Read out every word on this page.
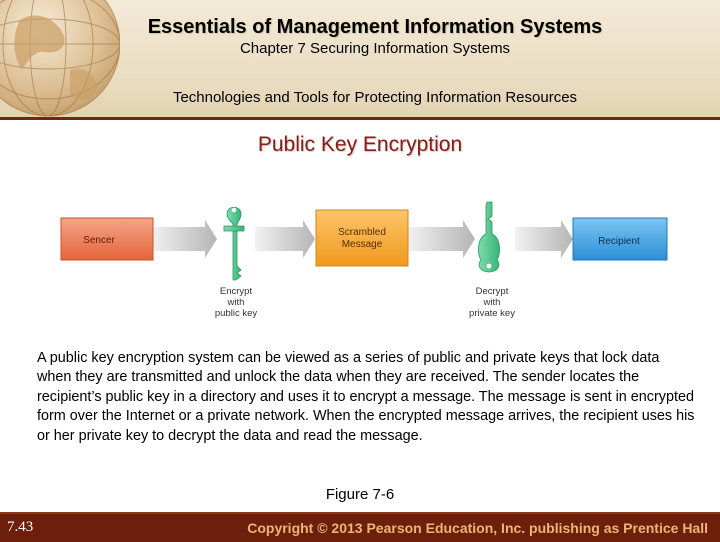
Essentials of Management Information Systems
Chapter 7 Securing Information Systems
Technologies and Tools for Protecting Information Resources
Public Key Encryption
Sencer
Scrambled
Message	Recipient
Encrypt
with
public key
Decrypt
with
private key
A public key encryption system can be viewed as a series of public and private keys that lock data when they are transmitted and unlock the data when they are received. The sender locates the recipient’s public key in a directory and uses it to encrypt a message. The message is sent in encrypted form over the Internet or a private network. When the encrypted message arrives, the recipient uses his or her private key to decrypt the data and read the message.
Figure 7-6
7.43	Copyright © 2013 Pearson Education, Inc. publishing as Prentice Hall
